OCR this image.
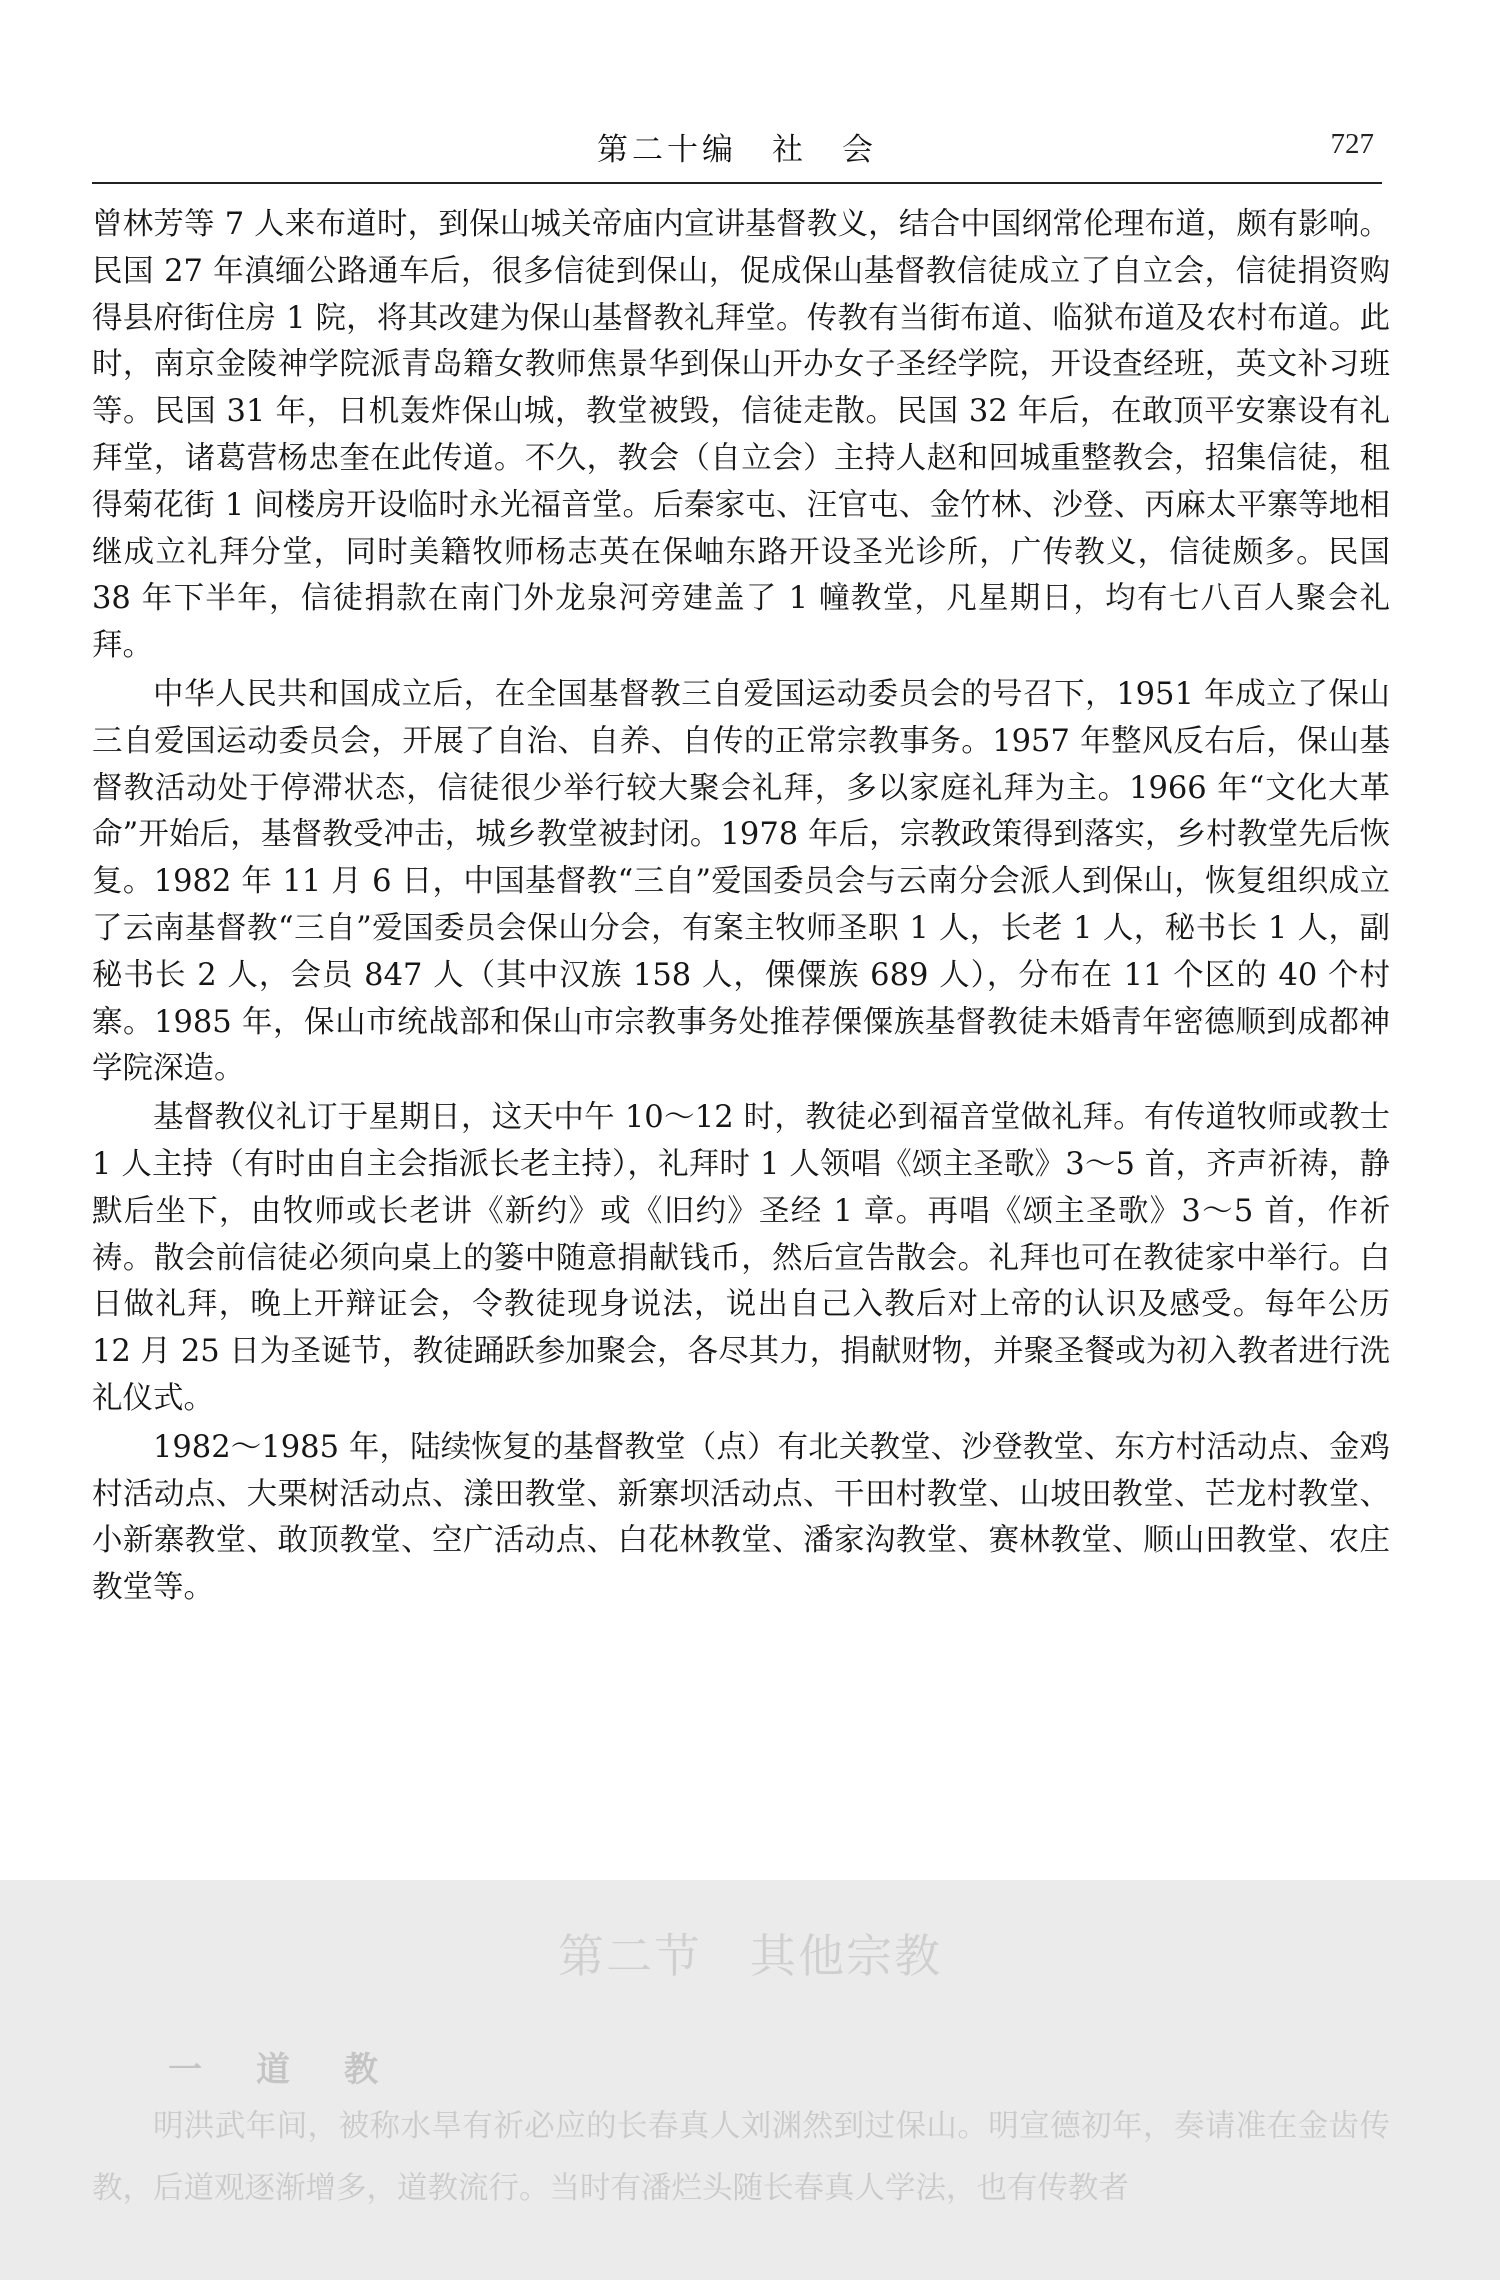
第二十编　社　会	727

曾林芳等 7 人来布道时，到保山城关帝庙内宣讲基督教义，结合中国纲常伦理布道，颇有影响。民国 27 年滇缅公路通车后，很多信徒到保山，促成保山基督教信徒成立了自立会，信徒捐资购得县府街住房 1 院，将其改建为保山基督教礼拜堂。传教有当街布道、临狱布道及农村布道。此时，南京金陵神学院派青岛籍女教师焦景华到保山开办女子圣经学院，开设查经班，英文补习班等。民国 31 年，日机轰炸保山城，教堂被毁，信徒走散。民国 32 年后，在敢顶平安寨设有礼拜堂，诸葛营杨忠奎在此传道。不久，教会（自立会）主持人赵和回城重整教会，招集信徒，租得菊花街 1 间楼房开设临时永光福音堂。后秦家屯、汪官屯、金竹林、沙登、丙麻太平寨等地相继成立礼拜分堂，同时美籍牧师杨志英在保岫东路开设圣光诊所，广传教义，信徒颇多。民国 38 年下半年，信徒捐款在南门外龙泉河旁建盖了 1 幢教堂，凡星期日，均有七八百人聚会礼拜。

中华人民共和国成立后，在全国基督教三自爱国运动委员会的号召下，1951 年成立了保山三自爱国运动委员会，开展了自治、自养、自传的正常宗教事务。1957 年整风反右后，保山基督教活动处于停滞状态，信徒很少举行较大聚会礼拜，多以家庭礼拜为主。1966 年“文化大革命”开始后，基督教受冲击，城乡教堂被封闭。1978 年后，宗教政策得到落实，乡村教堂先后恢复。1982 年 11 月 6 日，中国基督教“三自”爱国委员会与云南分会派人到保山，恢复组织成立了云南基督教“三自”爱国委员会保山分会，有案主牧师圣职 1 人，长老 1 人，秘书长 1 人，副秘书长 2 人，会员 847 人（其中汉族 158 人，傈僳族 689 人），分布在 11 个区的 40 个村寨。1985 年，保山市统战部和保山市宗教事务处推荐傈僳族基督教徒未婚青年密德顺到成都神学院深造。

基督教仪礼订于星期日，这天中午 10～12 时，教徒必到福音堂做礼拜。有传道牧师或教士 1 人主持（有时由自主会指派长老主持），礼拜时 1 人领唱《颂主圣歌》3～5 首，齐声祈祷，静默后坐下，由牧师或长老讲《新约》或《旧约》圣经 1 章。再唱《颂主圣歌》3～5 首，作祈祷。散会前信徒必须向桌上的篓中随意捐献钱币，然后宣告散会。礼拜也可在教徒家中举行。白日做礼拜，晚上开辩证会，令教徒现身说法，说出自己入教后对上帝的认识及感受。每年公历 12 月 25 日为圣诞节，教徒踊跃参加聚会，各尽其力，捐献财物，并聚圣餐或为初入教者进行洗礼仪式。

1982～1985 年，陆续恢复的基督教堂（点）有北关教堂、沙登教堂、东方村活动点、金鸡村活动点、大栗树活动点、漾田教堂、新寨坝活动点、干田村教堂、山坡田教堂、芒龙村教堂、小新寨教堂、敢顶教堂、空广活动点、白花林教堂、潘家沟教堂、赛林教堂、顺山田教堂、农庄教堂等。

第二节　其他宗教
一　道　教

明洪武年间，被称水旱有祈必应的长春真人刘渊然到过保山。明宣德初年，奏请准在金齿传教，后道观逐渐增多，道教流行。当时有潘烂头随长春真人学法，也有传教者
